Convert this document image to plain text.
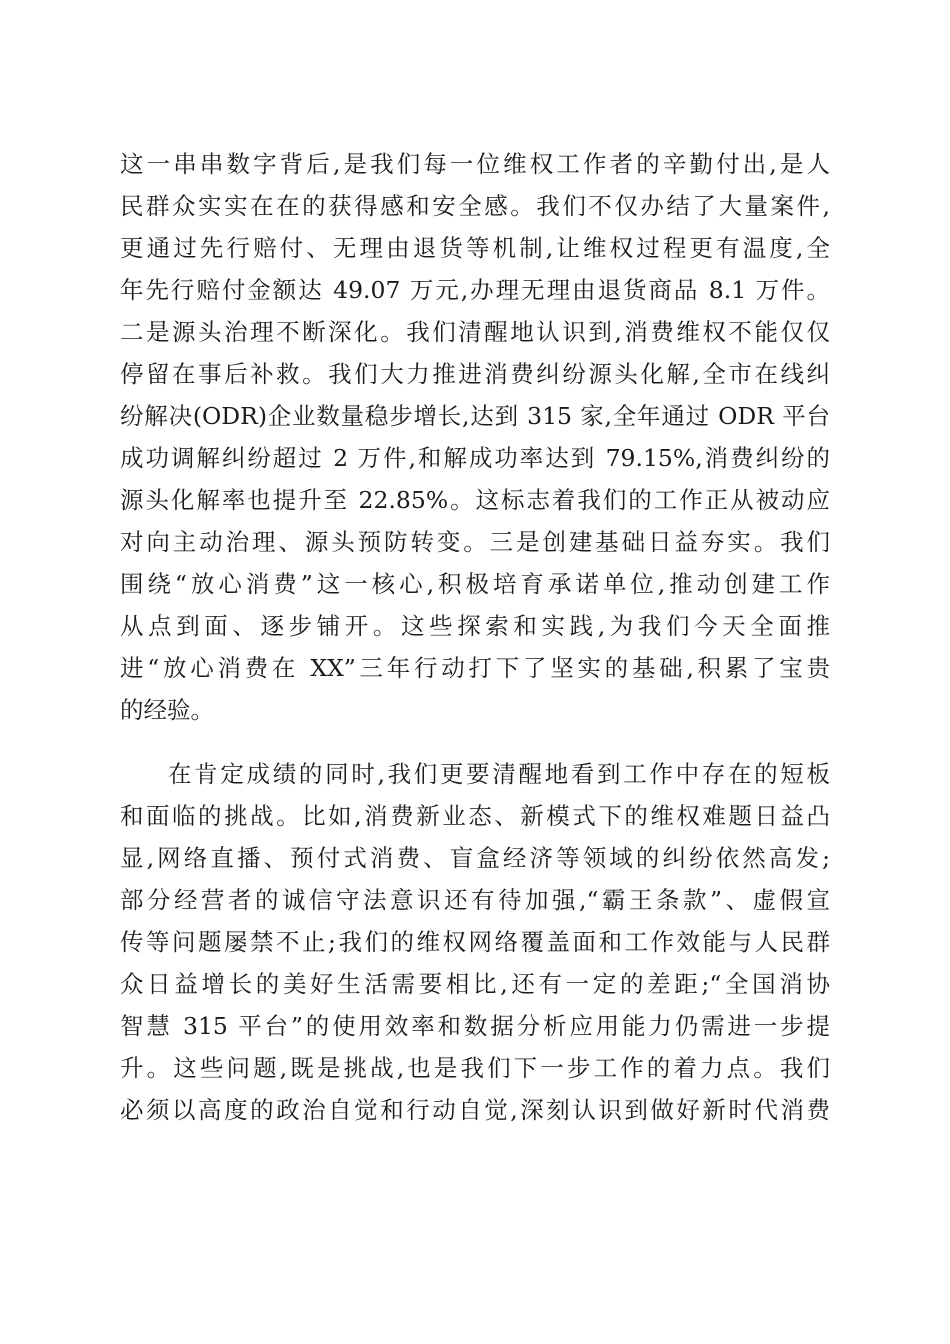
这一串串数字背后,是我们每一位维权工作者的辛勤付出,是人
民群众实实在在的获得感和安全感。我们不仅办结了大量案件,
更通过先行赔付、无理由退货等机制,让维权过程更有温度,全
年先行赔付金额达 49.07 万元,办理无理由退货商品 8.1 万件。
二是源头治理不断深化。我们清醒地认识到,消费维权不能仅仅
停留在事后补救。我们大力推进消费纠纷源头化解,全市在线纠
纷解决(ODR)企业数量稳步增长,达到 315 家,全年通过 ODR 平台
成功调解纠纷超过 2 万件,和解成功率达到 79.15%,消费纠纷的
源头化解率也提升至 22.85%。这标志着我们的工作正从被动应
对向主动治理、源头预防转变。三是创建基础日益夯实。我们
围绕“放心消费”这一核心,积极培育承诺单位,推动创建工作
从点到面、逐步铺开。这些探索和实践,为我们今天全面推
进“放心消费在 XX”三年行动打下了坚实的基础,积累了宝贵
的经验。
在肯定成绩的同时,我们更要清醒地看到工作中存在的短板
和面临的挑战。比如,消费新业态、新模式下的维权难题日益凸
显,网络直播、预付式消费、盲盒经济等领域的纠纷依然高发;
部分经营者的诚信守法意识还有待加强,“霸王条款”、虚假宣
传等问题屡禁不止;我们的维权网络覆盖面和工作效能与人民群
众日益增长的美好生活需要相比,还有一定的差距;“全国消协
智慧 315 平台”的使用效率和数据分析应用能力仍需进一步提
升。这些问题,既是挑战,也是我们下一步工作的着力点。我们
必须以高度的政治自觉和行动自觉,深刻认识到做好新时代消费
